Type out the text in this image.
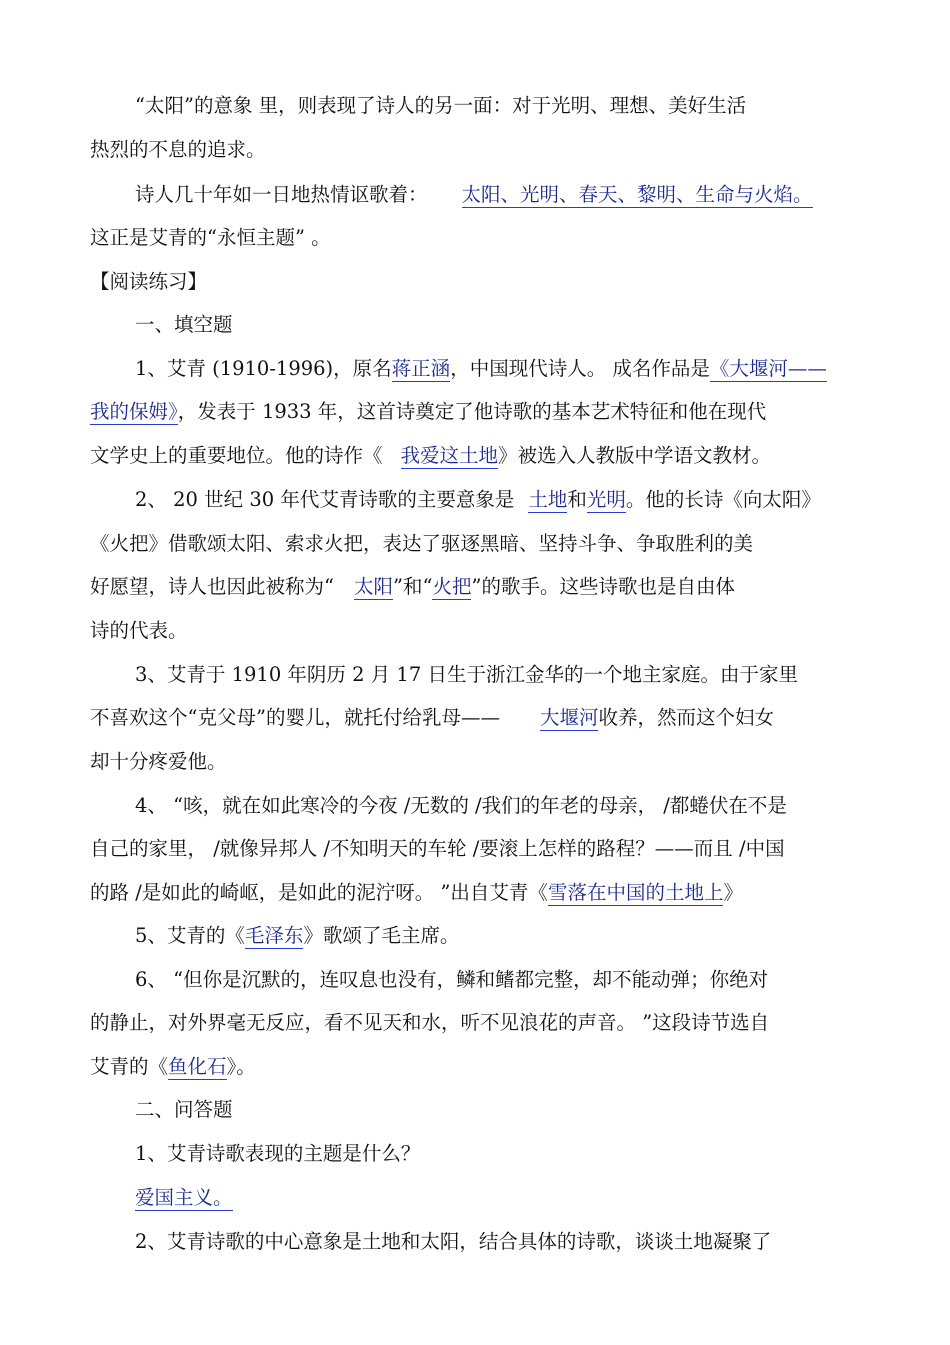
“太阳”的意象 里，则表现了诗人的另一面：对于光明、理想、美好生活
热烈的不息的追求。
诗人几十年如一日地热情讴歌着： 太阳、光明、春天、黎明、生命与火焰。
这正是艾青的“永恒主题” 。
【阅读练习】
一、填空题
1、艾青 (1910-1996)，原名蒋正涵，中国现代诗人。 成名作品是《大堰河——
我的保姆》，发表于 1933 年，这首诗奠定了他诗歌的基本艺术特征和他在现代
文学史上的重要地位。他的诗作《 我爱这土地》被选入人教版中学语文教材。
2、 20 世纪 30 年代艾青诗歌的主要意象是 土地和光明。他的长诗《向太阳》
《火把》借歌颂太阳、索求火把，表达了驱逐黑暗、坚持斗争、争取胜利的美
好愿望，诗人也因此被称为“ 太阳”和“火把”的歌手。这些诗歌也是自由体
诗的代表。
3、艾青于 1910 年阴历 2 月 17 日生于浙江金华的一个地主家庭。由于家里
不喜欢这个“克父母”的婴儿，就托付给乳母—— 大堰河收养，然而这个妇女
却十分疼爱他。
4、 “咳，就在如此寒冷的今夜 /无数的 /我们的年老的母亲， /都蜷伏在不是
自己的家里， /就像异邦人 /不知明天的车轮 /要滚上怎样的路程？——而且 /中国
的路 /是如此的崎岖，是如此的泥泞呀。 ”出自艾青《雪落在中国的土地上》
5、艾青的《毛泽东》歌颂了毛主席。
6、 “但你是沉默的，连叹息也没有，鳞和鳍都完整，却不能动弹；你绝对
的静止，对外界毫无反应，看不见天和水，听不见浪花的声音。 ”这段诗节选自
艾青的《鱼化石》。
二、问答题
1、艾青诗歌表现的主题是什么？
爱国主义。
2、艾青诗歌的中心意象是土地和太阳，结合具体的诗歌，谈谈土地凝聚了
